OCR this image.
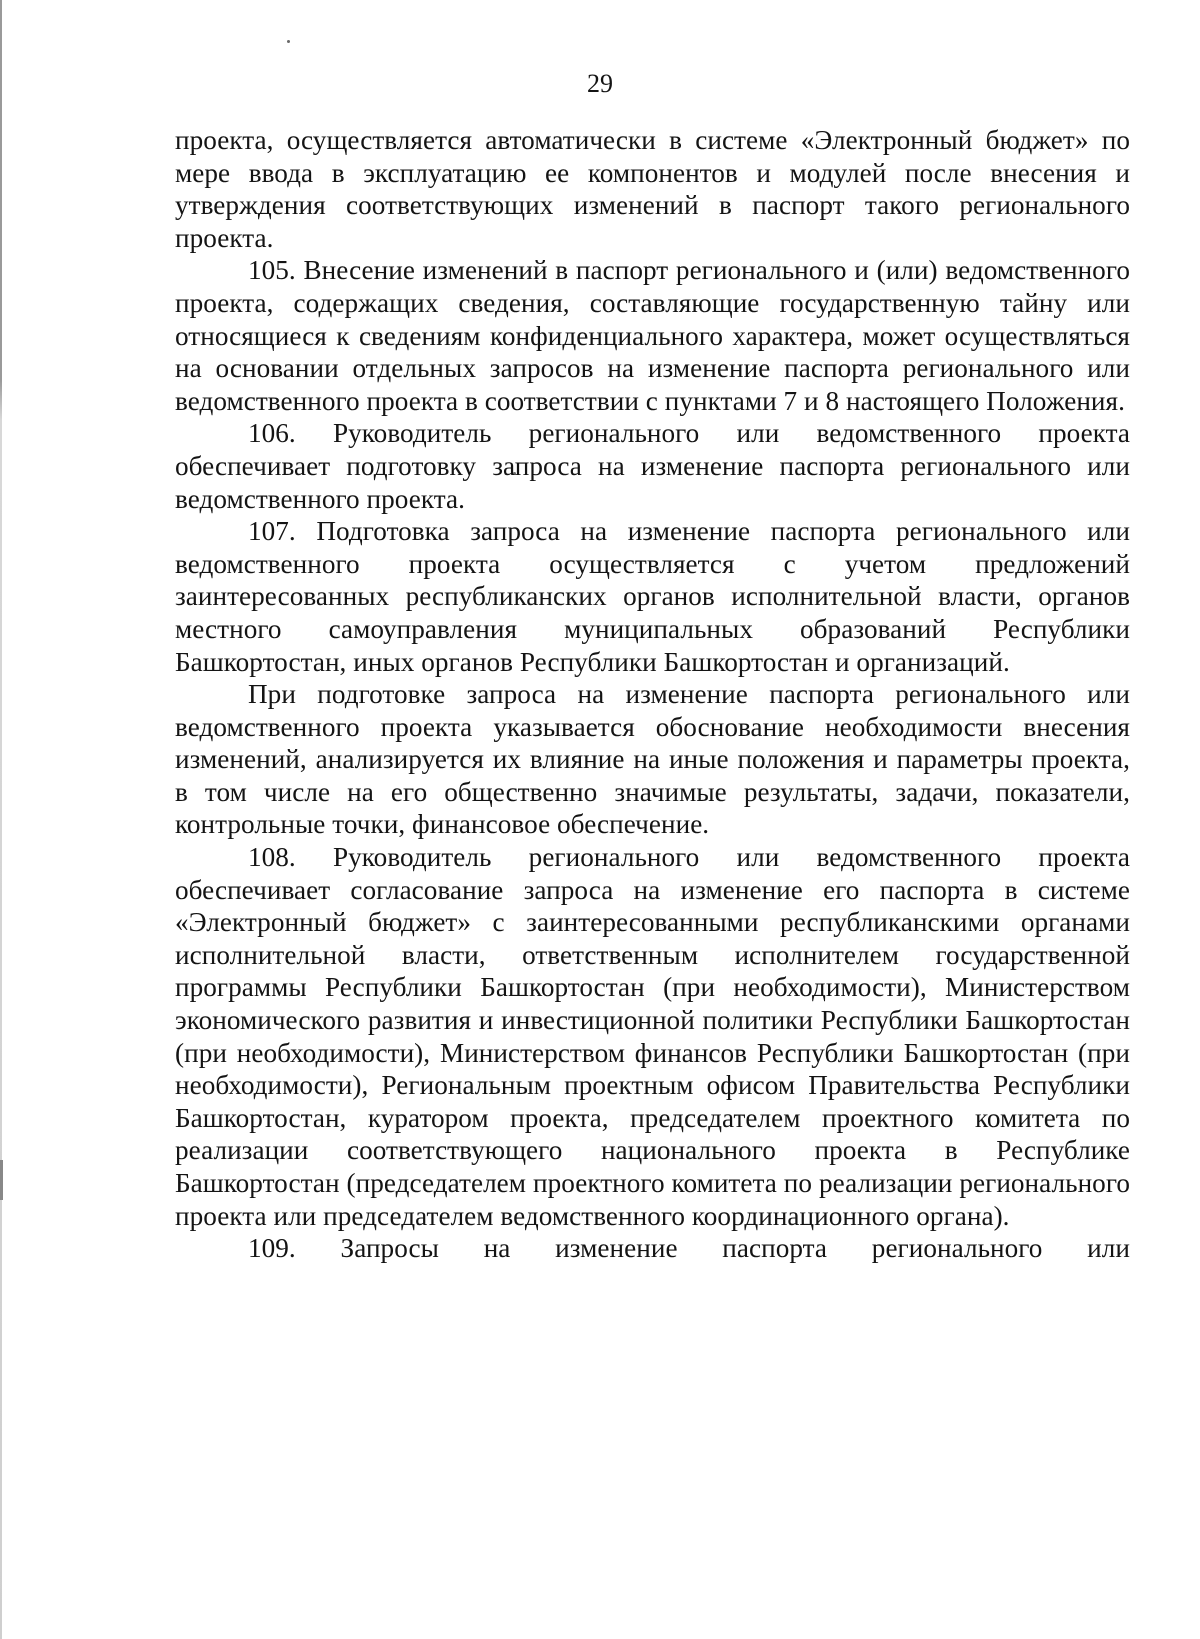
29

проекта, осуществляется автоматически в системе «Электронный бюджет» по мере ввода в эксплуатацию ее компонентов и модулей после внесения и утверждения соответствующих изменений в паспорт такого регионального проекта.

105. Внесение изменений в паспорт регионального и (или) ведомственного проекта, содержащих сведения, составляющие государственную тайну или относящиеся к сведениям конфиденциального характера, может осуществляться на основании отдельных запросов на изменение паспорта регионального или ведомственного проекта в соответствии с пунктами 7 и 8 настоящего Положения.

106. Руководитель регионального или ведомственного проекта обеспечивает подготовку запроса на изменение паспорта регионального или ведомственного проекта.

107. Подготовка запроса на изменение паспорта регионального или ведомственного проекта осуществляется с учетом предложений заинтересованных республиканских органов исполнительной власти, органов местного самоуправления муниципальных образований Республики Башкортостан, иных органов Республики Башкортостан и организаций.

При подготовке запроса на изменение паспорта регионального или ведомственного проекта указывается обоснование необходимости внесения изменений, анализируется их влияние на иные положения и параметры проекта, в том числе на его общественно значимые результаты, задачи, показатели, контрольные точки, финансовое обеспечение.

108. Руководитель регионального или ведомственного проекта обеспечивает согласование запроса на изменение его паспорта в системе «Электронный бюджет» с заинтересованными республиканскими органами исполнительной власти, ответственным исполнителем государственной программы Республики Башкортостан (при необходимости), Министерством экономического развития и инвестиционной политики Республики Башкортостан (при необходимости), Министерством финансов Республики Башкортостан (при необходимости), Региональным проектным офисом Правительства Республики Башкортостан, куратором проекта, председателем проектного комитета по реализации соответствующего национального проекта в Республике Башкортостан (председателем проектного комитета по реализации регионального проекта или председателем ведомственного координационного органа).

109. Запросы на изменение паспорта регионального или
